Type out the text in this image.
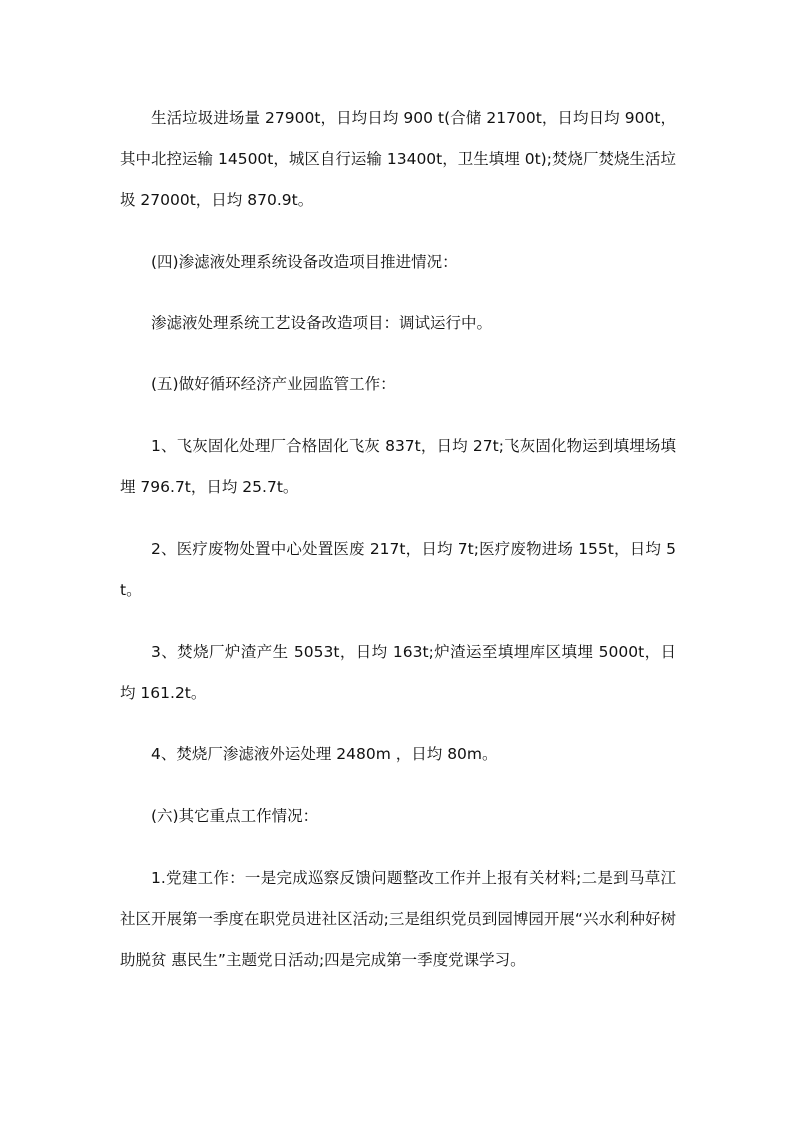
生活垃圾进场量 27900t，日均日均 900 t(合储 21700t，日均日均 900t，其中北控运输 14500t，城区自行运输 13400t，卫生填埋 0t);焚烧厂焚烧生活垃圾 27000t，日均 870.9t。

(四)渗滤液处理系统设备改造项目推进情况：

渗滤液处理系统工艺设备改造项目：调试运行中。

(五)做好循环经济产业园监管工作：

1、飞灰固化处理厂合格固化飞灰 837t，日均 27t;飞灰固化物运到填埋场填埋 796.7t，日均 25.7t。

2、医疗废物处置中心处置医废 217t，日均 7t;医疗废物进场 155t，日均 5t。

3、焚烧厂炉渣产生 5053t，日均 163t;炉渣运至填埋库区填埋 5000t，日均 161.2t。

4、焚烧厂渗滤液外运处理 2480m ，日均 80m。

(六)其它重点工作情况：

1.党建工作：一是完成巡察反馈问题整改工作并上报有关材料;二是到马草江社区开展第一季度在职党员进社区活动;三是组织党员到园博园开展“兴水利种好树助脱贫 惠民生”主题党日活动;四是完成第一季度党课学习。
